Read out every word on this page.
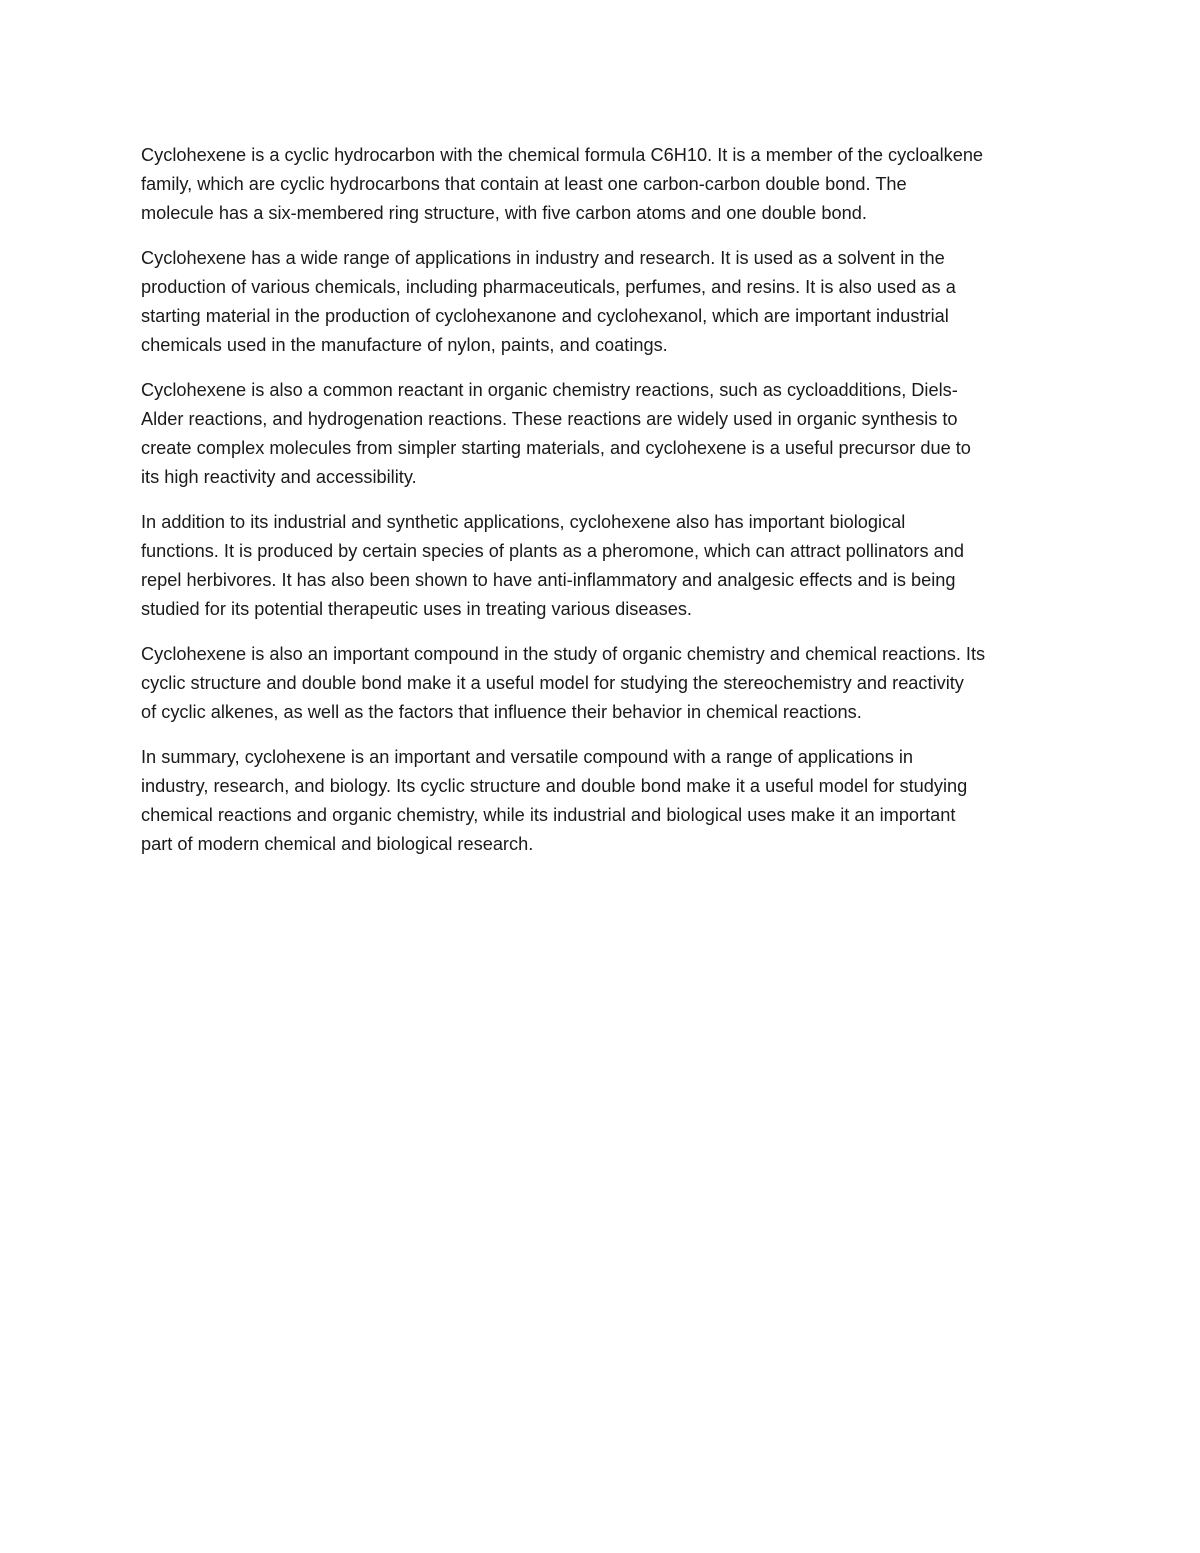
Cyclohexene is a cyclic hydrocarbon with the chemical formula C6H10. It is a member of the cycloalkene
family, which are cyclic hydrocarbons that contain at least one carbon-carbon double bond. The
molecule has a six-membered ring structure, with five carbon atoms and one double bond.

Cyclohexene has a wide range of applications in industry and research. It is used as a solvent in the
production of various chemicals, including pharmaceuticals, perfumes, and resins. It is also used as a
starting material in the production of cyclohexanone and cyclohexanol, which are important industrial
chemicals used in the manufacture of nylon, paints, and coatings.

Cyclohexene is also a common reactant in organic chemistry reactions, such as cycloadditions, Diels-
Alder reactions, and hydrogenation reactions. These reactions are widely used in organic synthesis to
create complex molecules from simpler starting materials, and cyclohexene is a useful precursor due to
its high reactivity and accessibility.

In addition to its industrial and synthetic applications, cyclohexene also has important biological
functions. It is produced by certain species of plants as a pheromone, which can attract pollinators and
repel herbivores. It has also been shown to have anti-inflammatory and analgesic effects and is being
studied for its potential therapeutic uses in treating various diseases.

Cyclohexene is also an important compound in the study of organic chemistry and chemical reactions. Its
cyclic structure and double bond make it a useful model for studying the stereochemistry and reactivity
of cyclic alkenes, as well as the factors that influence their behavior in chemical reactions.

In summary, cyclohexene is an important and versatile compound with a range of applications in
industry, research, and biology. Its cyclic structure and double bond make it a useful model for studying
chemical reactions and organic chemistry, while its industrial and biological uses make it an important
part of modern chemical and biological research.
